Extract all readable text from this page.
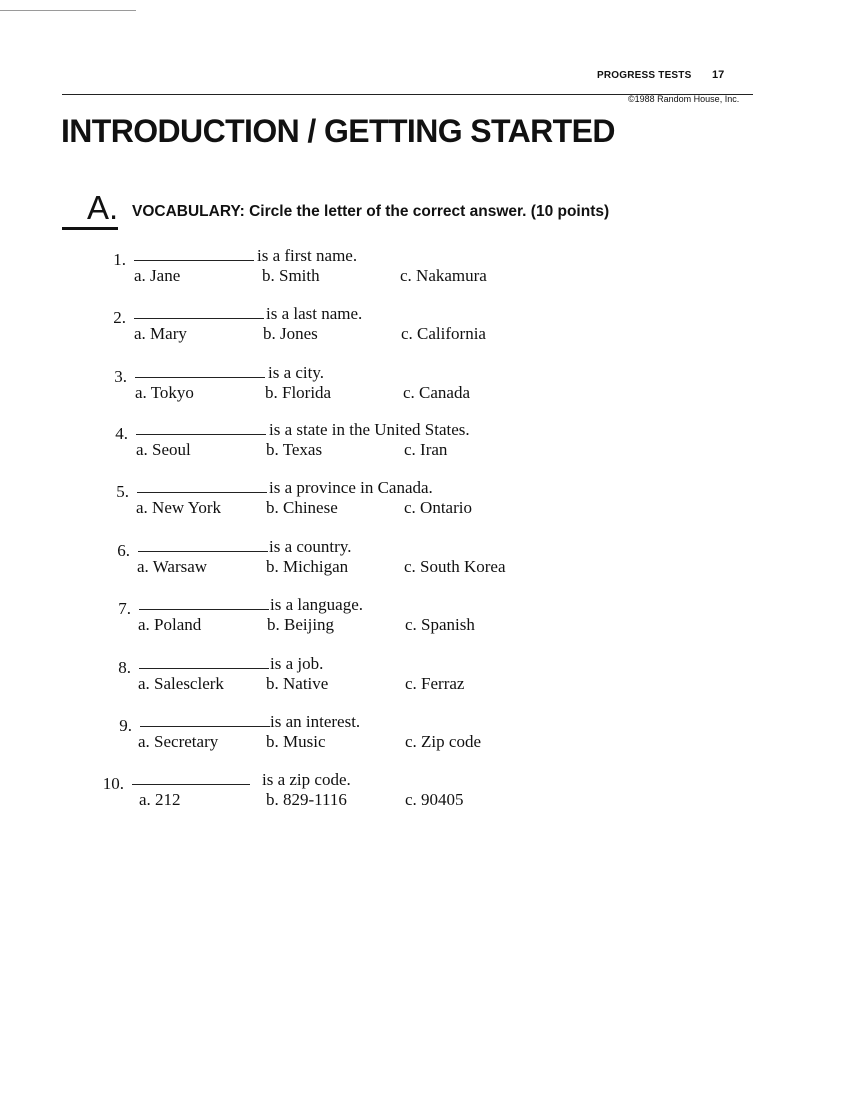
PROGRESS TESTS 17
©1988 Random House, Inc.
INTRODUCTION / GETTING STARTED
A. VOCABULARY: Circle the letter of the correct answer. (10 points)
1.	is a first name.
a. Jane	b. Smith	c. Nakamura
2.	is a last name.
a. Mary	b. Jones	c. California
3.	is a city.
a. Tokyo	b. Florida	c. Canada
4.	is a state in the United States.
a. Seoul	b. Texas	c. Iran
5.	is a province in Canada.
a. New York	b. Chinese	c. Ontario
6.	is a country.
a. Warsaw	b. Michigan	c. South Korea
7.	is a language.
a. Poland	b. Beijing	c. Spanish
8.	is a job.
a. Salesclerk b. Native	c. Ferraz
9.	is an interest.
a. Secretary	b. Music	c. Zip code
10.	is a zip code.
a. 212	b. 829-1116	c. 90405
